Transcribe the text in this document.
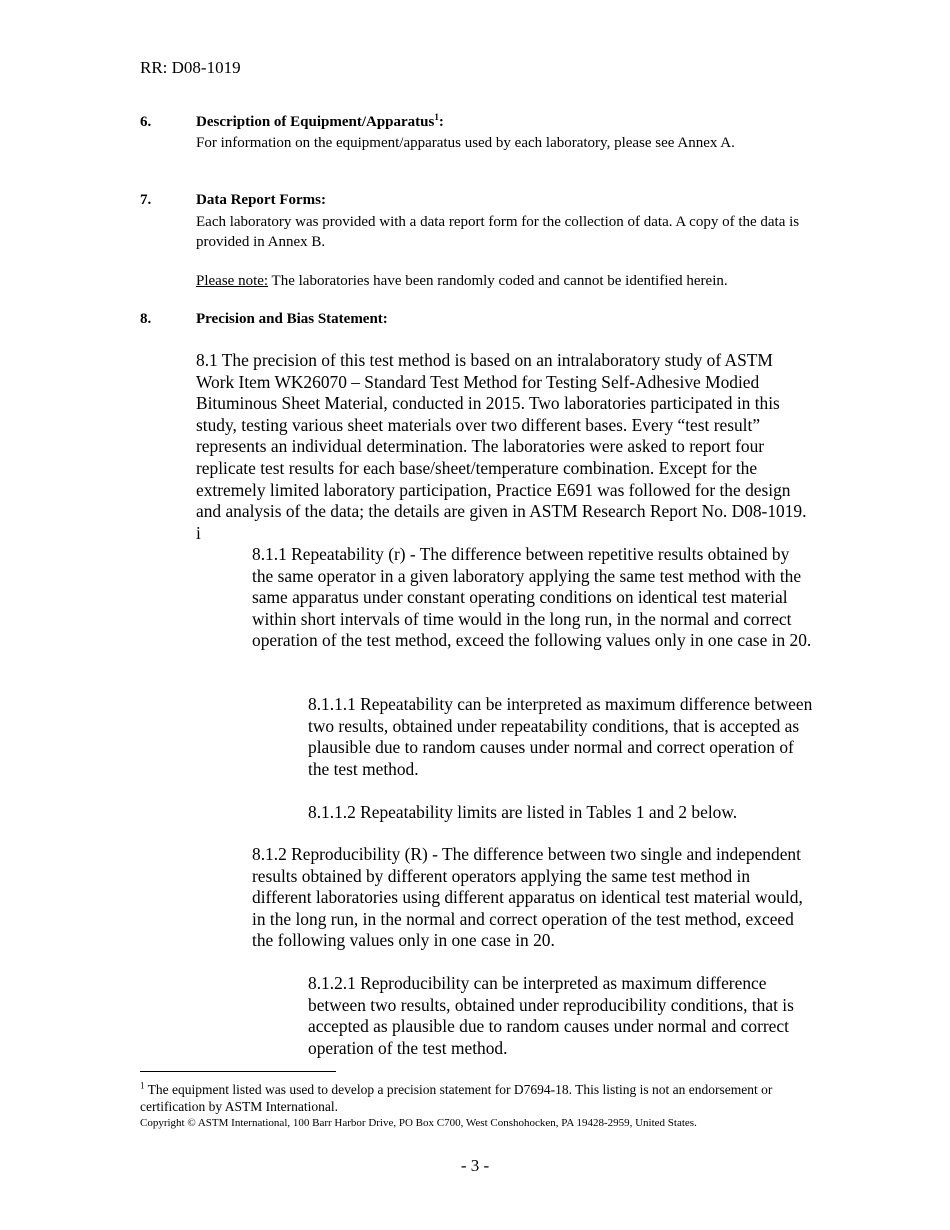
RR: D08-1019
6.	Description of Equipment/Apparatus$^1$:
For information on the equipment/apparatus used by each laboratory, please see Annex A.
7.	Data Report Forms:
Each laboratory was provided with a data report form for the collection of data. A copy of the data is provided in Annex B.
Please note: The laboratories have been randomly coded and cannot be identified herein.
8.	Precision and Bias Statement:
8.1 The precision of this test method is based on an intralaboratory study of ASTM Work Item WK26070 – Standard Test Method for Testing Self-Adhesive Modied Bituminous Sheet Material, conducted in 2015. Two laboratories participated in this study, testing various sheet materials over two different bases. Every “test result” represents an individual determination. The laboratories were asked to report four replicate test results for each base/sheet/temperature combination. Except for the extremely limited laboratory participation, Practice E691 was followed for the design and analysis of the data; the details are given in ASTM Research Report No. D08-1019. i
8.1.1 Repeatability (r) - The difference between repetitive results obtained by the same operator in a given laboratory applying the same test method with the same apparatus under constant operating conditions on identical test material within short intervals of time would in the long run, in the normal and correct operation of the test method, exceed the following values only in one case in 20.
8.1.1.1 Repeatability can be interpreted as maximum difference between two results, obtained under repeatability conditions, that is accepted as plausible due to random causes under normal and correct operation of the test method.
8.1.1.2 Repeatability limits are listed in Tables 1 and 2 below.
8.1.2 Reproducibility (R) - The difference between two single and independent results obtained by different operators applying the same test method in different laboratories using different apparatus on identical test material would, in the long run, in the normal and correct operation of the test method, exceed the following values only in one case in 20.
8.1.2.1 Reproducibility can be interpreted as maximum difference between two results, obtained under reproducibility conditions, that is accepted as plausible due to random causes under normal and correct operation of the test method.
$^1$ The equipment listed was used to develop a precision statement for D7694-18. This listing is not an endorsement or certification by ASTM International.
Copyright © ASTM International, 100 Barr Harbor Drive, PO Box C700, West Conshohocken, PA 19428-2959, United States.
- 3 -
